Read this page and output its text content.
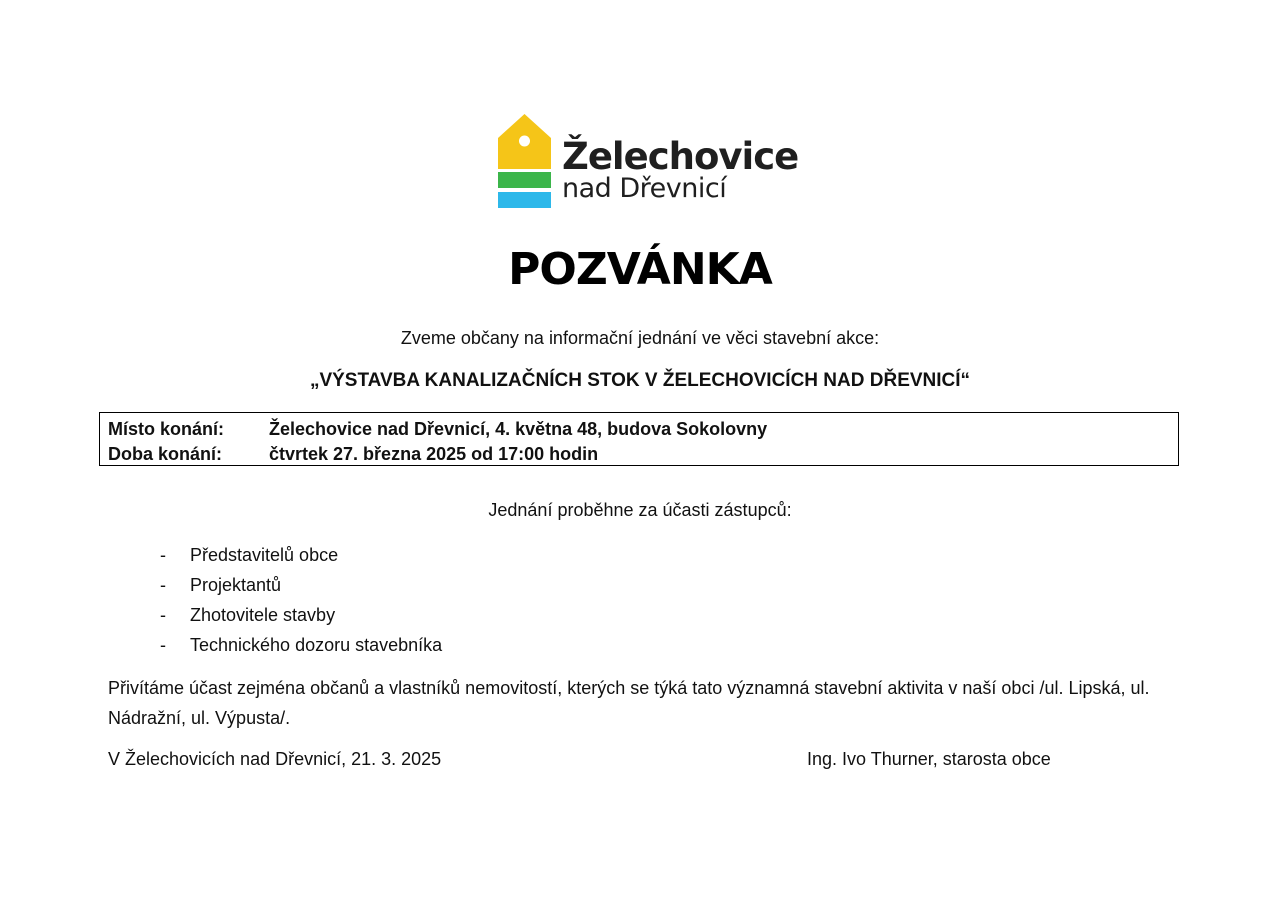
Želechovice
nad Dřevnicí
POZVÁNKA
Zveme občany na informační jednání ve věci stavební akce:
„VÝSTAVBA KANALIZAČNÍCH STOK V ŽELECHOVICÍCH NAD DŘEVNICÍ“
Místo konání:	Želechovice nad Dřevnicí, 4. května 48, budova Sokolovny
Doba konání:	čtvrtek 27. března 2025 od 17:00 hodin
Jednání proběhne za účasti zástupců:
-	Představitelů obce
-	Projektantů
-	Zhotovitele stavby
-	Technického dozoru stavebníka
Přivítáme účast zejména občanů a vlastníků nemovitostí, kterých se týká tato významná stavební aktivita v naší obci /ul. Lipská, ul. Nádražní, ul. Výpusta/.
V Želechovicích nad Dřevnicí, 21. 3. 2025	Ing. Ivo Thurner, starosta obce
